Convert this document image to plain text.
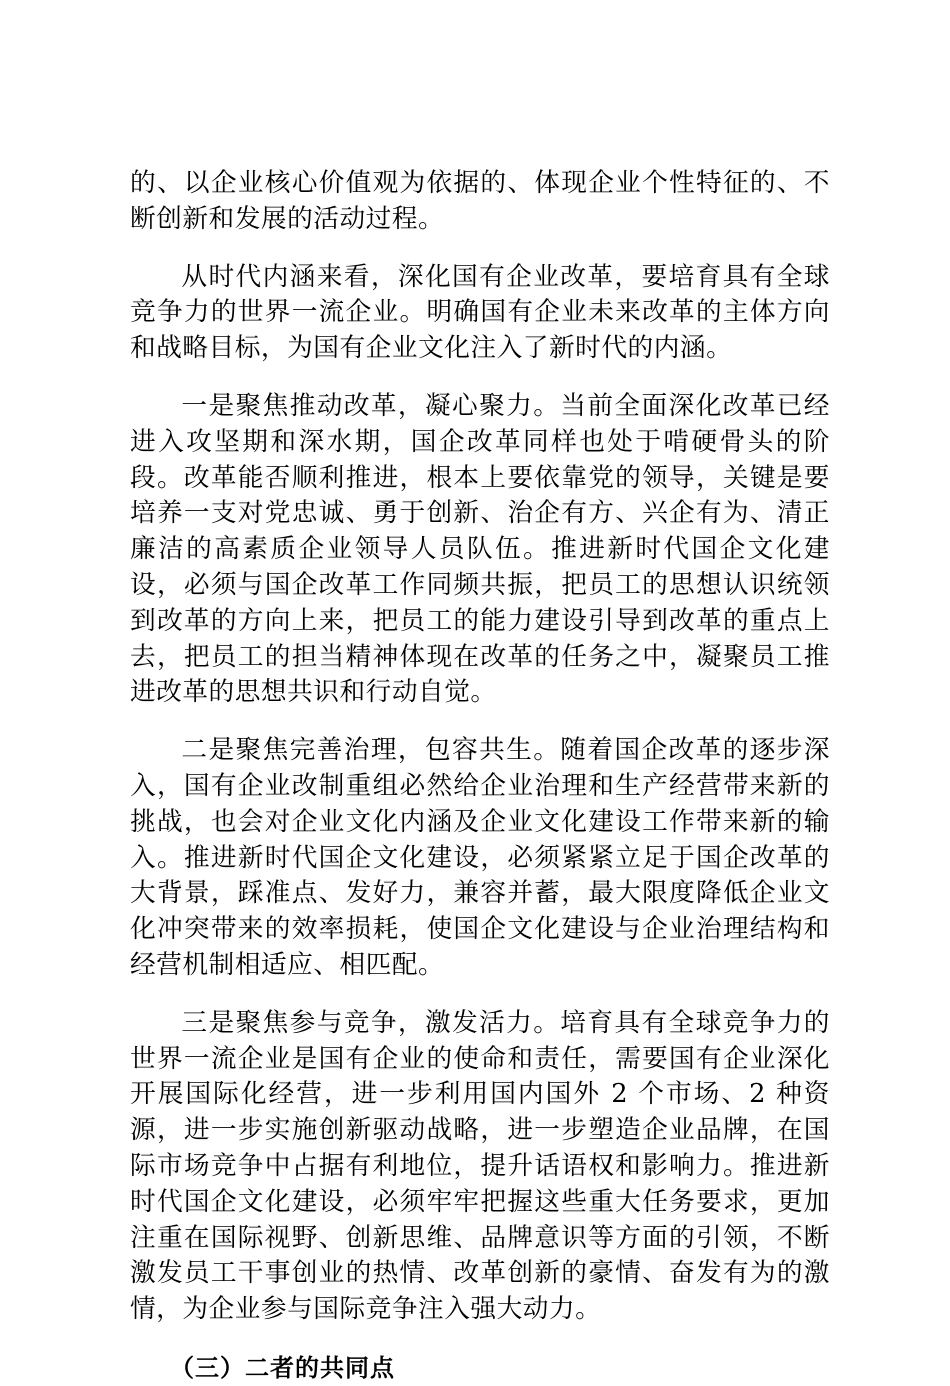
的、以企业核心价值观为依据的、体现企业个性特征的、不断创新和发展的活动过程。

从时代内涵来看，深化国有企业改革，要培育具有全球竞争力的世界一流企业。明确国有企业未来改革的主体方向和战略目标，为国有企业文化注入了新时代的内涵。

一是聚焦推动改革，凝心聚力。当前全面深化改革已经进入攻坚期和深水期，国企改革同样也处于啃硬骨头的阶段。改革能否顺利推进，根本上要依靠党的领导，关键是要培养一支对党忠诚、勇于创新、治企有方、兴企有为、清正廉洁的高素质企业领导人员队伍。推进新时代国企文化建设，必须与国企改革工作同频共振，把员工的思想认识统领到改革的方向上来，把员工的能力建设引导到改革的重点上去，把员工的担当精神体现在改革的任务之中，凝聚员工推进改革的思想共识和行动自觉。

二是聚焦完善治理，包容共生。随着国企改革的逐步深入，国有企业改制重组必然给企业治理和生产经营带来新的挑战，也会对企业文化内涵及企业文化建设工作带来新的输入。推进新时代国企文化建设，必须紧紧立足于国企改革的大背景，踩准点、发好力，兼容并蓄，最大限度降低企业文化冲突带来的效率损耗，使国企文化建设与企业治理结构和经营机制相适应、相匹配。

三是聚焦参与竞争，激发活力。培育具有全球竞争力的世界一流企业是国有企业的使命和责任，需要国有企业深化开展国际化经营，进一步利用国内国外 2 个市场、2 种资源，进一步实施创新驱动战略，进一步塑造企业品牌，在国际市场竞争中占据有利地位，提升话语权和影响力。推进新时代国企文化建设，必须牢牢把握这些重大任务要求，更加注重在国际视野、创新思维、品牌意识等方面的引领，不断激发员工干事创业的热情、改革创新的豪情、奋发有为的激情，为企业参与国际竞争注入强大动力。

（三）二者的共同点
